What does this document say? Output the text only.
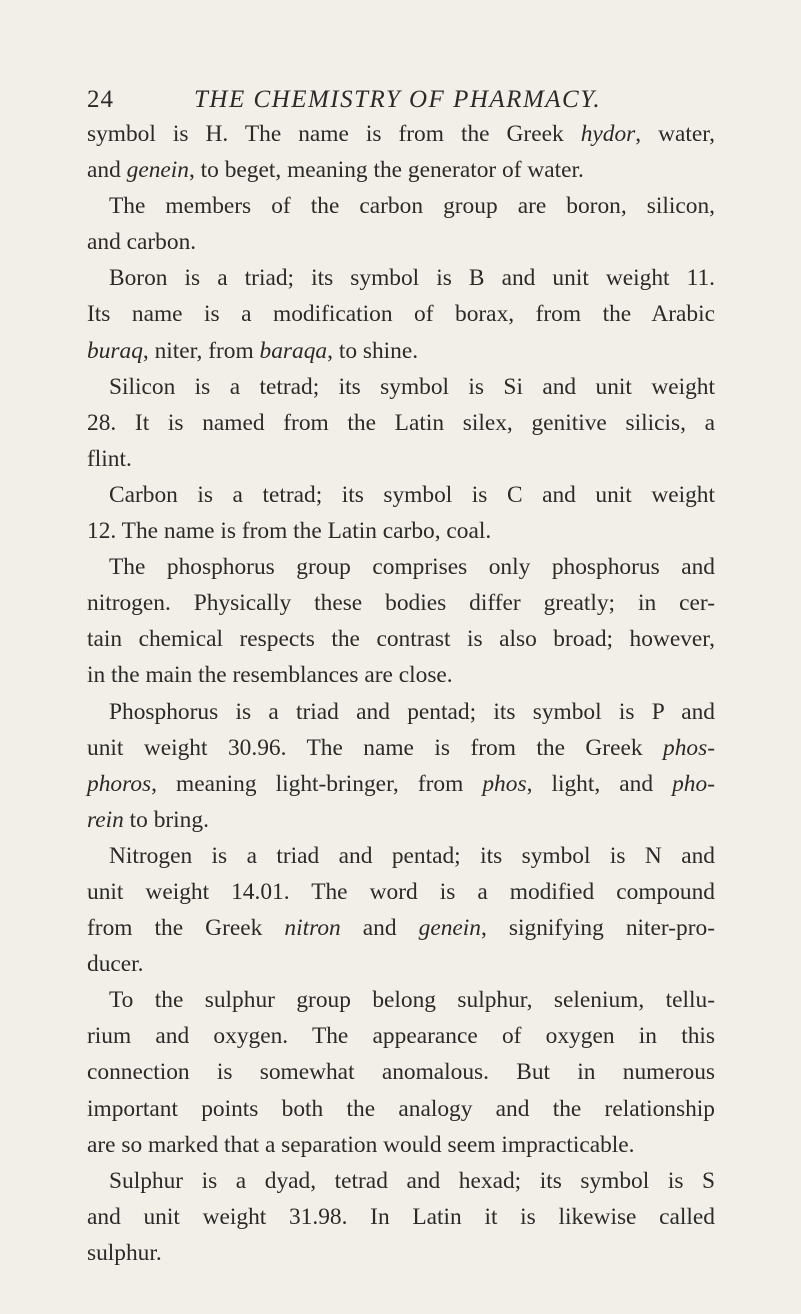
24	THE CHEMISTRY OF PHARMACY.
symbol is H. The name is from the Greek hydor, water,
and genein, to beget, meaning the generator of water.
The members of the carbon group are boron, silicon,
and carbon.
Boron is a triad; its symbol is B and unit weight 11.
Its name is a modification of borax, from the Arabic
buraq, niter, from baraqa, to shine.
Silicon is a tetrad; its symbol is Si and unit weight
28. It is named from the Latin silex, genitive silicis, a
flint.
Carbon is a tetrad; its symbol is C and unit weight
12. The name is from the Latin carbo, coal.
The phosphorus group comprises only phosphorus and
nitrogen. Physically these bodies differ greatly; in cer-
tain chemical respects the contrast is also broad; however,
in the main the resemblances are close.
Phosphorus is a triad and pentad; its symbol is P and
unit weight 30.96. The name is from the Greek phos-
phoros, meaning light-bringer, from phos, light, and pho-
rein to bring.
Nitrogen is a triad and pentad; its symbol is N and
unit weight 14.01. The word is a modified compound
from the Greek nitron and genein, signifying niter-pro-
ducer.
To the sulphur group belong sulphur, selenium, tellu-
rium and oxygen. The appearance of oxygen in this
connection is somewhat anomalous. But in numerous
important points both the analogy and the relationship
are so marked that a separation would seem impracticable.
Sulphur is a dyad, tetrad and hexad; its symbol is S
and unit weight 31.98. In Latin it is likewise called
sulphur.
